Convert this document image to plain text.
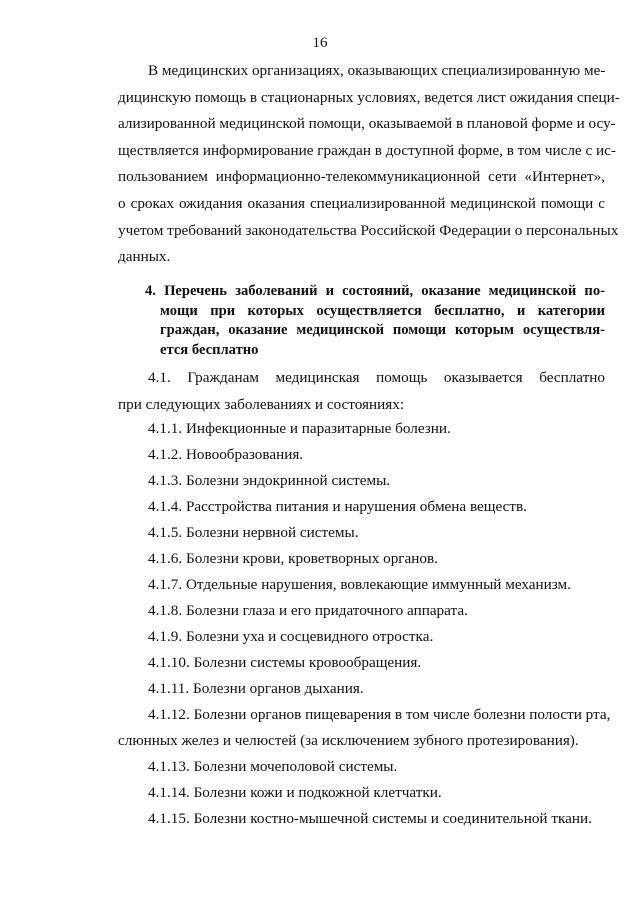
16
В медицинских организациях, оказывающих специализированную ме-
дицинскую помощь в стационарных условиях, ведется лист ожидания специ-
ализированной медицинской помощи, оказываемой в плановой форме и осу-
ществляется информирование граждан в доступной форме, в том числе с ис-
пользованием информационно-телекоммуникационной сети «Интернет»,
о сроках ожидания оказания специализированной медицинской помощи с
учетом требований законодательства Российской Федерации о персональных
данных.
4. Перечень заболеваний и состояний, оказание медицинской по-
мощи при которых осуществляется бесплатно, и категории
граждан, оказание медицинской помощи которым осуществля-
ется бесплатно
4.1. Гражданам медицинская помощь оказывается бесплатно
при следующих заболеваниях и состояниях:
4.1.1. Инфекционные и паразитарные болезни.
4.1.2. Новообразования.
4.1.3. Болезни эндокринной системы.
4.1.4. Расстройства питания и нарушения обмена веществ.
4.1.5. Болезни нервной системы.
4.1.6. Болезни крови, кроветворных органов.
4.1.7. Отдельные нарушения, вовлекающие иммунный механизм.
4.1.8. Болезни глаза и его придаточного аппарата.
4.1.9. Болезни уха и сосцевидного отростка.
4.1.10. Болезни системы кровообращения.
4.1.11. Болезни органов дыхания.
4.1.12. Болезни органов пищеварения в том числе болезни полости рта,
слюнных желез и челюстей (за исключением зубного протезирования).
4.1.13. Болезни мочеполовой системы.
4.1.14. Болезни кожи и подкожной клетчатки.
4.1.15. Болезни костно-мышечной системы и соединительной ткани.
